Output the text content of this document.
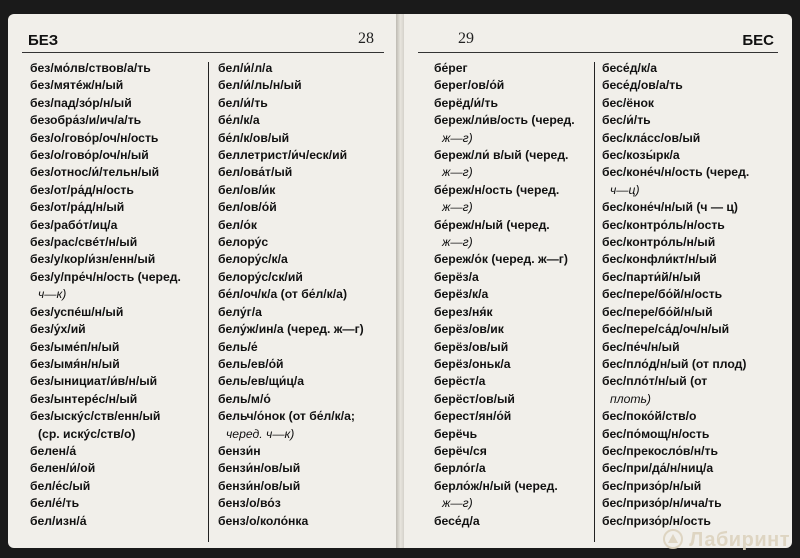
БЕЗ	28
без/мо́лв/ствов/а/ть
без/мятéж/н/ый
без/пад/зо́р/н/ый
безобра́з/и/ич/а/ть
без/о/гово́р/оч/н/ость
без/о/гово́р/оч/н/ый
без/относ/и́/тельн/ый
без/от/ра́д/н/ость
без/от/ра́д/н/ый
без/рабо́т/иц/а
без/рас/свéт/н/ый
без/у/кор/и́зн/енн/ый
без/у/пре́ч/н/ость (черед.
ч—к)
без/успéш/н/ый
без/у́х/ий
без/ыме́п/н/ый
без/ымя́н/н/ый
без/ынициат/и́в/н/ый
без/ынтерéс/н/ый
без/ыскýс/ств/енн/ый
(ср. искýс/ств/о)
белен/а́
белен/и́/ой
бел/е́с/ый
бел/е́/ть
бел/изн/а́
бел/и́/л/а
бел/и́/ль/н/ый
бел/и́/ть
бе́л/к/а
бе́л/к/ов/ый
беллетрист/и́ч/еск/ий
бел/ова́т/ый
бел/ов/и́к
бел/ов/о́й
бел/о́к
белору́с
белору́с/к/а
белору́с/ск/ий
бе́л/оч/к/а (от бе́л/к/а)
белу́г/а
белу́ж/ин/а (черед. ж—г)
бель/е́
бель/ев/о́й
бель/ев/щи́ц/а
бель/м/о́
бельч/о́нок (от бе́л/к/а;
черед. ч—к)
бензи́н
бензи́н/ов/ый
бензи́н/ов/ый
бенз/о/во́з
бенз/о/коло́нка
29	БЕС
бе́рег
берег/ов/о́й
берёд/и́/ть
береж/ли́в/ость (черед.
ж—г)
береж/ли́ в/ый (черед.
ж—г)
бе́реж/н/ость (черед.
ж—г)
бе́реж/н/ый (черед.
ж—г)
береж/о́к (черед. ж—г)
берёз/а
берёз/к/а
берез/ня́к
берёз/ов/ик
берёз/ов/ый
берёз/оньк/а
берёст/а
берёст/ов/ый
берест/ян/о́й
берёчь
берёч/ся
берло́г/а
берло́ж/н/ый (черед.
ж—г)
бесе́д/а
бесе́д/к/а
бесе́д/ов/а/ть
бес/ёнок
бес/и́/ть
бес/кла́сс/ов/ый
бес/козы́рк/а
бес/коне́ч/н/ость (черед.
ч—ц)
бес/коне́ч/н/ый (ч — ц)
бес/контро́ль/н/ость
бес/контро́ль/н/ый
бес/конфли́кт/н/ый
бес/парти́й/н/ый
бес/пере/бо́й/н/ость
бес/пере/бо́й/н/ый
бес/пере/са́д/оч/н/ый
бес/пе́ч/н/ый
бес/пло́д/н/ый (от плод)
бес/пло́т/н/ый (от
плоть)
бес/поко́й/ств/о
бес/по́мощ/н/ость
бес/прекосло́в/н/ть
бес/при/да́/н/ниц/а
бес/призо́р/н/ый
бес/призо́р/н/ича/ть
бес/призо́р/н/ость
Лабиринт
